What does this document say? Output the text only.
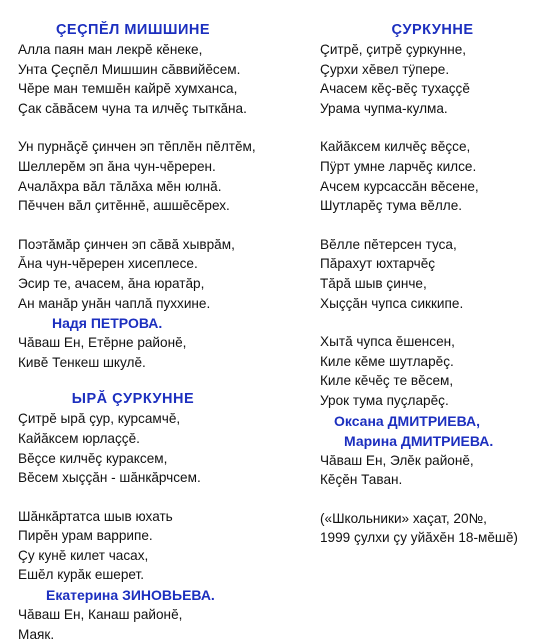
ÇЕÇПĔЛ МИШШИНЕ
Алла паян ман лекрĕ кĕнеке,
Унта Çеçпĕл Мишшин сăввийĕсем.
Чĕре ман темшĕн кайрĕ хумханса,
Çак сăвăсем чуна та илчĕç тыткăна.
Ун пурнăçĕ çинчен эп тĕплĕн пĕлтĕм,
Шеллерĕм эп ăна чун-чĕререн.
Ачалăхра вăл тăлăха мĕн юлнă.
Пĕччен вăл çитĕннĕ, ашшĕсĕрех.
Поэтăмăр çинчен эп сăвă хыврăм,
Ăна чун-чĕререн хисеплесе.
Эсир те, ачасем, ăна юратăр,
Ан манăр унăн чаплă пуххине.
Надя ПЕТРОВА.
Чăваш Ен, Етĕрне районĕ,
Кивĕ Тенкеш шкулĕ.
ЫРĂ ÇУРКУННЕ
Çитрĕ ырă çур, курсамчĕ,
Кайăксем юрлаççĕ.
Вĕçсе килчĕç кураксем,
Вĕсем хыççăн - шăнкăрчсем.
Шăнкăртатса шыв юхать
Пирĕн урам варрипе.
Çу кунĕ килет часах,
Ешĕл курăк ешерет.
Екатерина ЗИНОВЬЕВА.
Чăваш Ен, Канаш районĕ,
Маяк.
ÇУРКУННЕ
Çитрĕ, çитрĕ çуркунне,
Çурхи хĕвел тÿпере.
Ачасем кĕç-вĕç тухаççĕ
Урама чупма-кулма.
Кайăксем килчĕç вĕçсе,
Пÿрт умне ларчĕç килсе.
Ачсем курсассăн вĕсене,
Шутларĕç тума вĕлле.
Вĕлле пĕтерсен туса,
Пăрахут юхтарчĕç
Тăрă шыв çинче,
Хыççăн чупса сиккипе.
Хытă чупса ĕшенсен,
Киле кĕме шутларĕç.
Киле кĕчĕç те вĕсем,
Урок тума пуçларĕç.
Оксана ДМИТРИЕВА,
Марина ДМИТРИЕВА.
Чăваш Ен, Элĕк районĕ,
Кĕçĕн Таван.
(«Школьники» хаçат, 20№,
1999 çулхи çу уйăхĕн 18-мĕшĕ)
